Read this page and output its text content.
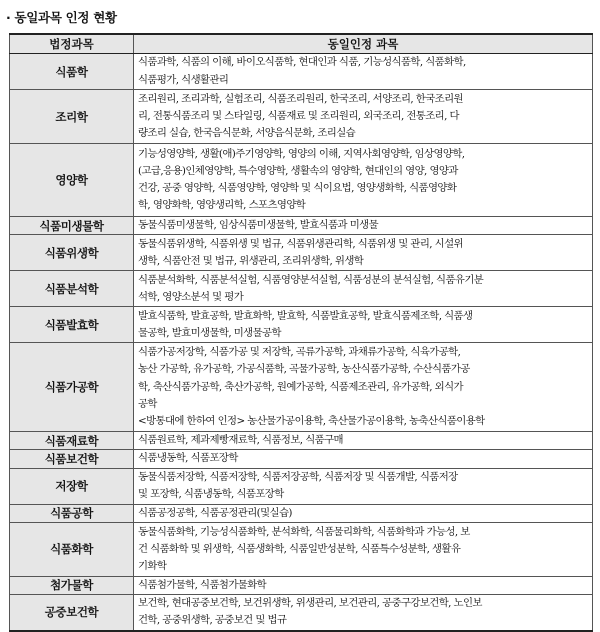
· 동일과목 인정 현황
법정과목	동일인정 과목
식품학	식품과학, 식품의 이해, 바이오식품학, 현대인과 식품, 기능성식품학, 식품화학,
식품평가, 식생활관리

조리학	조리원리, 조리과학, 실험조리, 식품조리원리, 한국조리, 서양조리, 한국조리원
리, 전통식품조리 및 스타일링, 식품재료 및 조리원리, 외국조리, 전통조리, 다
량조리 실습, 한국음식문화, 서양음식문화, 조리실습

영양학	기능성영양학, 생활(애)주기영양학, 영양의 이해, 지역사회영양학, 임상영양학,
(고급,응용)인체영양학, 특수영양학, 생활속의 영양학, 현대인의 영양, 영양과
건강, 공중 영양학, 식품영양학, 영양학 및 식이요법, 영양생화학, 식품영양화
학, 영양화학, 영양생리학, 스포츠영양학

식품미생물학	동물식품미생물학, 임상식품미생물학, 발효식품과 미생물

식품위생학	동물식품위생학, 식품위생 및 법규, 식품위생관리학, 식품위생 및 관리, 시설위
생학, 식품안전 및 법규, 위생관리, 조리위생학, 위생학

식품분석학	식품분석화학, 식품분석실험, 식품영양분석실험, 식품성분의 분석실험, 식품유기분
석학, 영양소분석 및 평가

식품발효학	발효식품학, 발효공학, 발효화학, 발효학, 식품발효공학, 발효식품제조학, 식품생
물공학, 발효미생물학, 미생물공학

식품가공학	식품가공저장학, 식품가공 및 저장학, 곡류가공학, 과채류가공학, 식육가공학,
농산 가공학, 유가공학, 가공식품학, 곡물가공학, 농산식품가공학, 수산식품가공
학, 축산식품가공학, 축산가공학, 원예가공학, 식품제조관리, 유가공학, 외식가
공학
<방통대에 한하여 인정> 농산물가공이용학, 축산물가공이용학, 농축산식품이용학

식품재료학	식품원료학, 제과제빵재료학, 식품정보, 식품구매

식품보건학	식품냉동학, 식품포장학

저장학	동물식품저장학, 식품저장학, 식품저장공학, 식품저장 및 식품개발, 식품저장
및 포장학, 식품냉동학, 식품포장학

식품공학	식품공정공학, 식품공정관리(및실습)

식품화학	동물식품화학, 기능성식품화학, 분석화학, 식품물리화학, 식품화학과 가능성, 보
건 식품화학 및 위생학, 식품생화학, 식품일반성분학, 식품특수성분학, 생활유
기화학

첨가물학	식품첨가물학, 식품첨가물화학

공중보건학	보건학, 현대공중보건학, 보건위생학, 위생관리, 보건관리, 공중구강보건학, 노인보
건학, 공중위생학, 공중보건 및 법규
